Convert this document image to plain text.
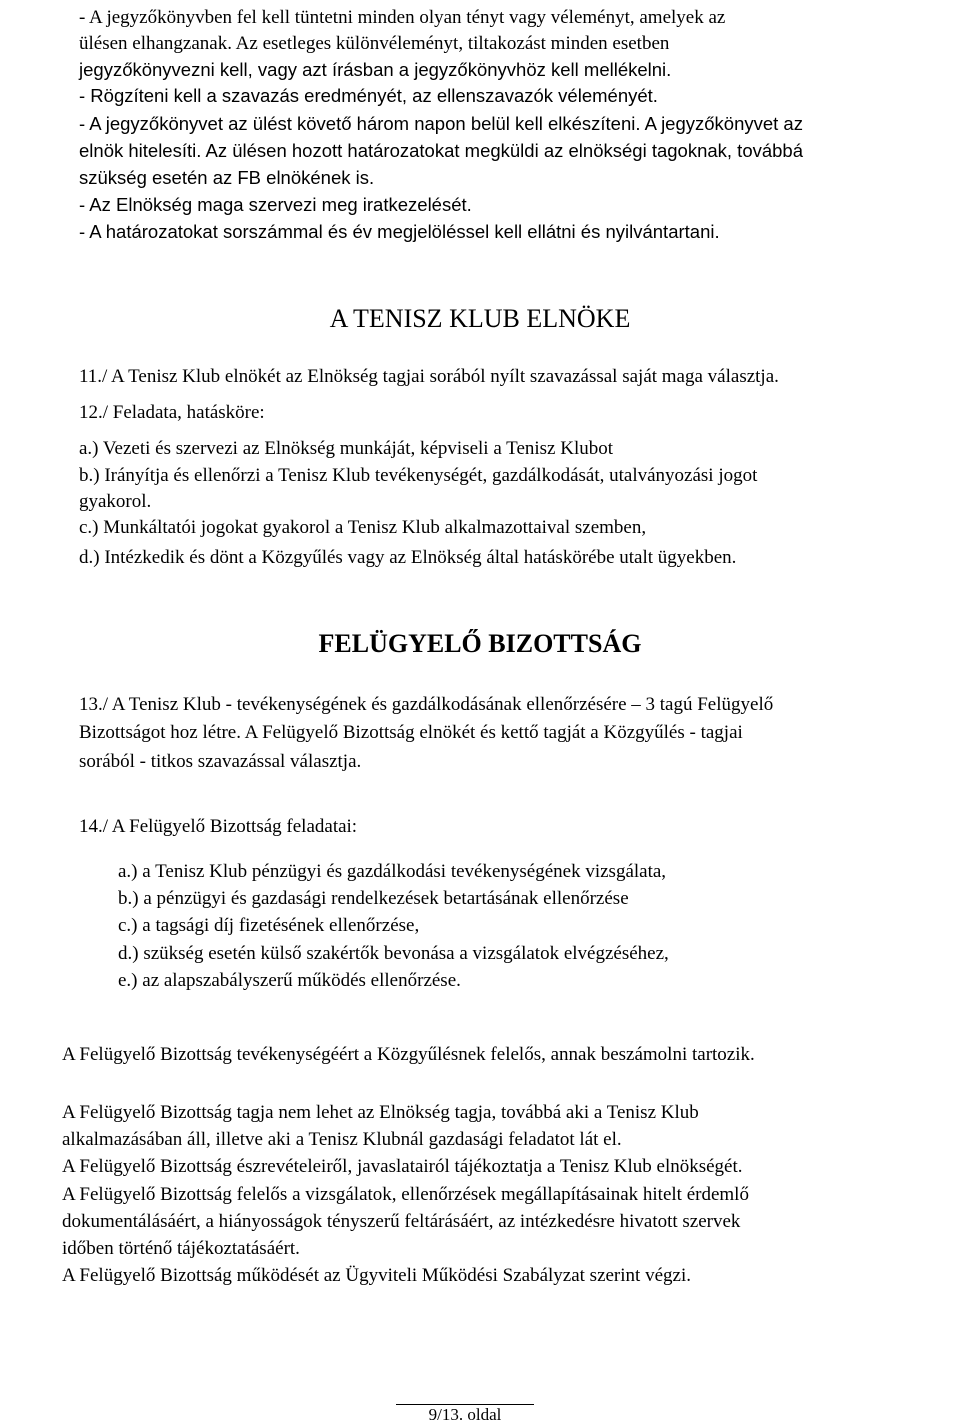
- A jegyzőkönyvben fel kell tüntetni minden olyan tényt vagy véleményt, amelyek az
ülésen elhangzanak. Az esetleges különvéleményt, tiltakozást minden esetben
jegyzőkönyvezni kell, vagy azt írásban a jegyzőkönyvhöz kell mellékelni.
- Rögzíteni kell a szavazás eredményét, az ellenszavazók véleményét.
- A jegyzőkönyvet az ülést követő három napon belül kell elkészíteni. A jegyzőkönyvet az
elnök hitelesíti. Az ülésen hozott határozatokat megküldi az elnökségi tagoknak, továbbá
szükség esetén az FB elnökének is.
- Az Elnökség maga szervezi meg iratkezelését.
- A határozatokat sorszámmal és év megjelöléssel kell ellátni és nyilvántartani.
A TENISZ KLUB ELNÖKE
11./ A Tenisz Klub elnökét az Elnökség tagjai sorából nyílt szavazással saját maga választja.
12./ Feladata, hatásköre:
a.) Vezeti és szervezi az Elnökség munkáját, képviseli a Tenisz Klubot
b.) Irányítja és ellenőrzi a Tenisz Klub tevékenységét, gazdálkodását, utalványozási jogot
gyakorol.
c.) Munkáltatói jogokat gyakorol a Tenisz Klub alkalmazottaival szemben,
d.) Intézkedik és dönt a Közgyűlés vagy az Elnökség által hatáskörébe utalt ügyekben.
FELÜGYELŐ BIZOTTSÁG
13./ A Tenisz Klub - tevékenységének és gazdálkodásának ellenőrzésére – 3 tagú Felügyelő
Bizottságot hoz létre. A Felügyelő Bizottság elnökét és kettő tagját a Közgyűlés - tagjai
sorából - titkos szavazással választja.
14./ A Felügyelő Bizottság feladatai:
a.) a Tenisz Klub pénzügyi és gazdálkodási tevékenységének vizsgálata,
b.) a pénzügyi és gazdasági rendelkezések betartásának ellenőrzése
c.) a tagsági díj fizetésének ellenőrzése,
d.) szükség esetén külső szakértők bevonása a vizsgálatok elvégzéséhez,
e.) az alapszabályszerű működés ellenőrzése.
A Felügyelő Bizottság tevékenységéért a Közgyűlésnek felelős, annak beszámolni tartozik.
A Felügyelő Bizottság tagja nem lehet az Elnökség tagja, továbbá aki a Tenisz Klub
alkalmazásában áll, illetve aki a Tenisz Klubnál gazdasági feladatot lát el.
A Felügyelő Bizottság észrevételeiről, javaslatairól tájékoztatja a Tenisz Klub elnökségét.
A Felügyelő Bizottság felelős a vizsgálatok, ellenőrzések megállapításainak hitelt érdemlő
dokumentálásáért, a hiányosságok tényszerű feltárásáért, az intézkedésre hivatott szervek
időben történő tájékoztatásáért.
A Felügyelő Bizottság működését az Ügyviteli Működési Szabályzat szerint végzi.
9/13. oldal
